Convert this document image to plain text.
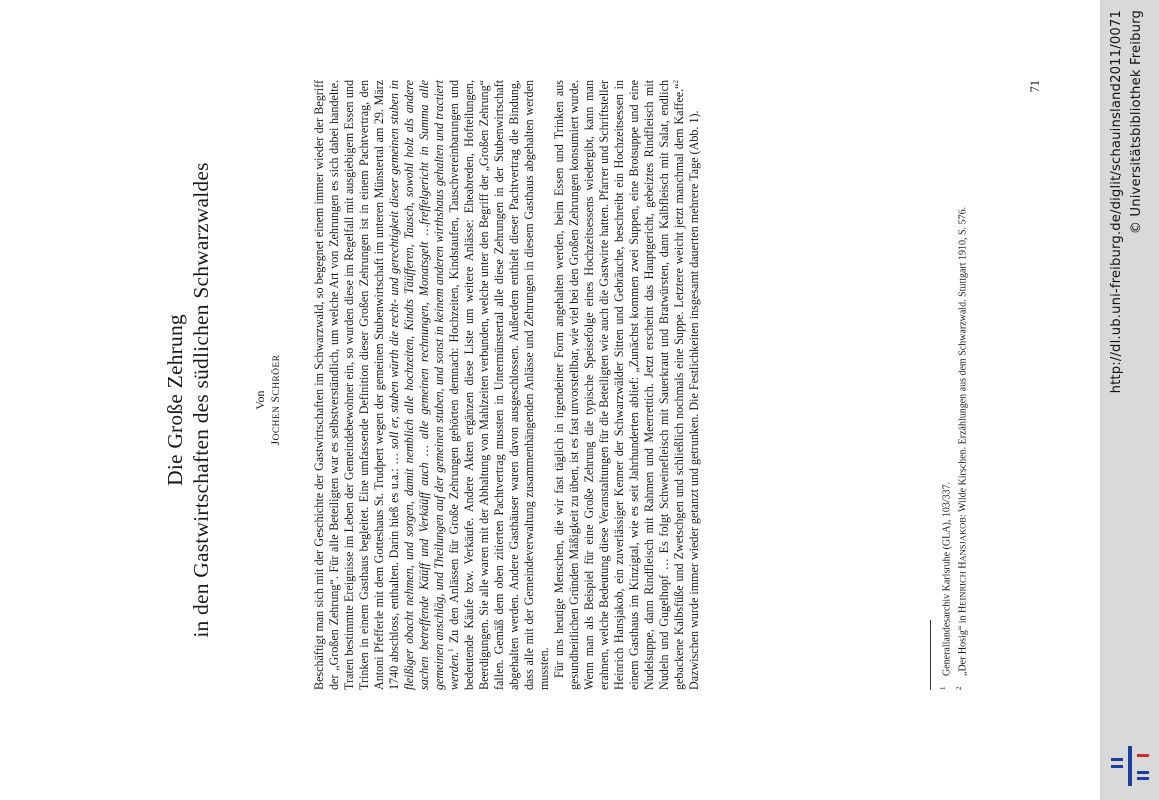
Die Große Zehrung in den Gastwirtschaften des südlichen Schwarzwaldes	Von
JOCHEN SCHRÖER Beschäftigt man sich mit der Geschichte der Gastwirtschaften im Schwarzwald, so begegnet einem immer wieder der Begriff der „Großen Zehrung“. Für alle Beteiligten war es selbstverständlich, um welche Art von Zehrungen es sich dabei handelte. Traten bestimmte Ereignisse im Leben der Gemeindebewohner ein, so wurden diese im Regelfall mit ausgiebigem Essen und Trinken in einem Gasthaus begleitet. Eine umfassende Definition dieser Großen Zehrungen ist in einem Pachtvertrag, den Antoni Pfefferle mit dem Gotteshaus St. Trudpert wegen der gemeinen Stubenwirtschaft im unteren Münstertal am 29. März 1740 abschloss, enthalten. Darin hieß es u.a.: … soll er, stuben würth die recht- und gerechtigkeit dieser gemeinen stuben in fleißiger obacht nehmen, und sorgen, damit nemblich alle hochzeiten, Kindts Täüfferen, Tausch, sowohl holz als andere sachen betreffende Käüff und Verkäüff auch … alle gemeinen rechnungen, Monatsgelt …freffelgericht in Summa alle gemeinen anschläg, und Theilungen auf der gemeinen stuben, und sonst in keinem anderen wirthshaus gehalten und tractiert werden.$^1$ Zu den Anlässen für Große Zehrungen gehörten demnach: Hochzeiten, Kindstaufen, Tauschvereinbarungen und bedeutende Käufe bzw. Verkäufe. Andere Akten ergänzen diese Liste um weitere Anlässe: Eheabreden, Hofteilungen, Beerdigungen. Sie alle waren mit der Abhaltung von Mahlzeiten verbunden, welche unter den Begriff der „Großen Zehrung“ fallen. Gemäß dem oben zitierten Pachtvertrag mussten in Untermünstertal alle diese Zehrungen in der Stubenwirtschaft abgehalten werden. Andere Gasthäuser waren davon ausgeschlossen. Außerdem enthielt dieser Pachtvertrag die Bindung, dass alle mit der Gemeindeverwaltung zusammenhängenden Anlässe und Zehrungen in diesem Gasthaus abgehalten werden mussten. Für uns heutige Menschen, die wir fast täglich in irgendeiner Form angehalten werden, beim Essen und Trinken aus gesundheitlichen Gründen Mäßigkeit zu üben, ist es fast unvorstellbar, wie viel bei den Großen Zehrungen konsumiert wurde. Wenn man als Beispiel für eine Große Zehrung die typische Speisefolge eines Hochzeitsessens wiedergibt, kann man erahnen, welche Bedeutung diese Veranstaltungen für die Beteiligten wie auch die Gastwirte hatten. Pfarrer und Schriftsteller Heinrich Hansjakob, ein zuverlässiger Kenner der Schwarzwälder Sitten und Gebräuche, beschreibt ein Hochzeitsessen in einem Gasthaus im Kinzigtal, wie es seit Jahrhunderten ablief: „Zunächst kommen zwei Suppen, eine Brotsuppe und eine Nudelsuppe, dann Rindfleisch mit Rahmen und Meerrettich. Jetzt erscheint das Hauptgericht, gebeiztes Rindfleisch mit Nudeln und Gugelhopf … Es folgt Schweinefleisch mit Sauerkraut und Bratwürsten, dann Kalbfleisch mit Salat, endlich gebackene Kalbsfüße und Zwetschgen und schließlich nochmals eine Suppe. Letztere weicht jetzt manchmal dem Kaffee.“$^2$ Dazwischen wurde immer wieder getanzt und getrunken. Die Festlichkeiten insgesamt dauerten mehrere Tage (Abb. 1).	1Generallandesarchiv Karlsruhe (GLA), 103/337.

2„Der Hosig“ in HEINRICH HANSJAKOB: Wilde Kirschen. Erzählungen aus dem Schwarzwald. Stuttgart 1910, S. 576.

71	http://dl.ub.uni-freiburg.de/diglit/schauinsland2011/0071 © Universitätsbibliothek Freiburg
